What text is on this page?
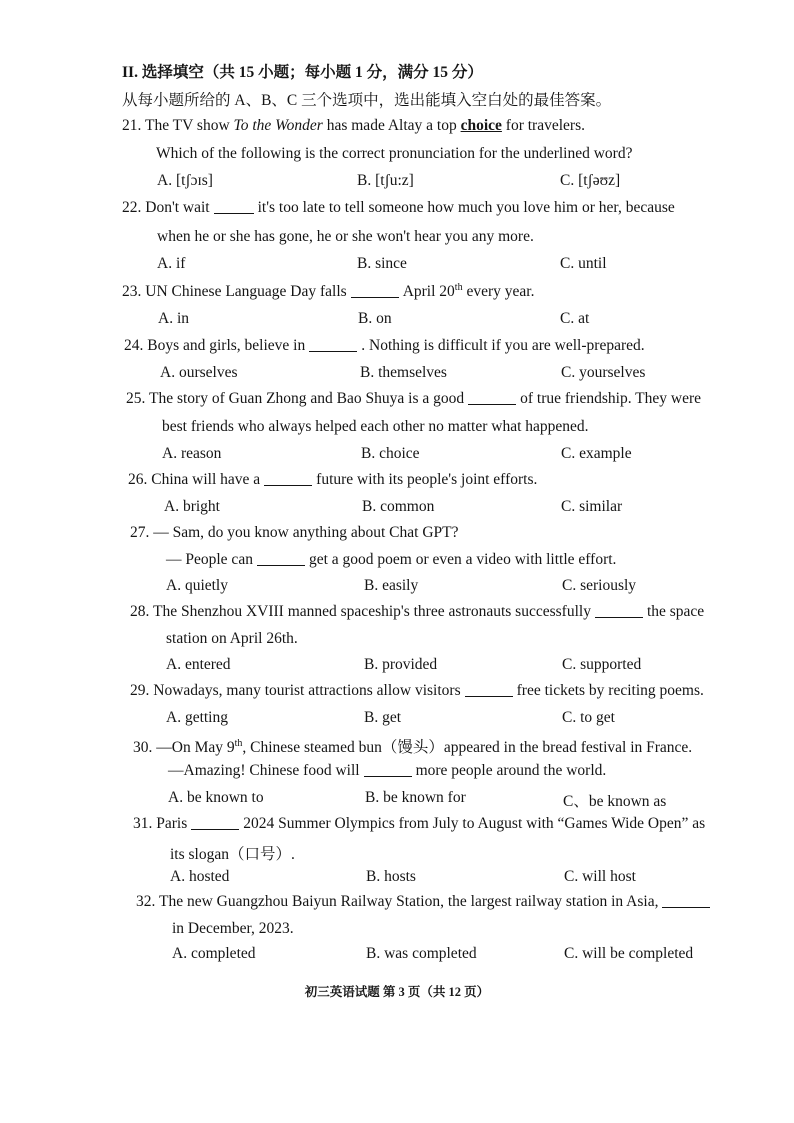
II. 选择填空（共 15 小题；每小题 1 分，满分 15 分）
从每小题所给的 A、B、C 三个选项中，选出能填入空白处的最佳答案。
21. The TV show To the Wonder has made Altay a top choice for travelers.
Which of the following is the correct pronunciation for the underlined word?
A. [tʃɔɪs]	B. [tʃu:z]	C. [tʃəʊz]
22. Don't wait	it's too late to tell someone how much you love him or her, because
when he or she has gone, he or she won't hear you any more.
A. if	B. since	C. until
23. UN Chinese Language Day falls	April 20th every year.
A. in	B. on	C. at
24. Boys and girls, believe in	. Nothing is difficult if you are well-prepared.
A. ourselves	B. themselves	C. yourselves
25. The story of Guan Zhong and Bao Shuya is a good	of true friendship. They were
best friends who always helped each other no matter what happened.
A. reason	B. choice	C. example
26. China will have a	future with its people's joint efforts.
A. bright	B. common	C. similar
27. — Sam, do you know anything about Chat GPT?
— People can	get a good poem or even a video with little effort.
A. quietly	B. easily	C. seriously
28. The Shenzhou XVIII manned spaceship's three astronauts successfully	the space
station on April 26th.
A. entered	B. provided	C. supported
29. Nowadays, many tourist attractions allow visitors	free tickets by reciting poems.
A. getting	B. get	C. to get
30. —On May 9th, Chinese steamed bun（馒头）appeared in the bread festival in France.
—Amazing! Chinese food will	more people around the world.
A. be known to	B. be known for	C、be known as
31. Paris	2024 Summer Olympics from July to August with “Games Wide Open” as
its slogan（口号）.
A. hosted	B. hosts	C. will host
32. The new Guangzhou Baiyun Railway Station, the largest railway station in Asia,
in December, 2023.
A. completed	B. was completed	C. will be completed
初三英语试题 第 3 页（共 12 页）
